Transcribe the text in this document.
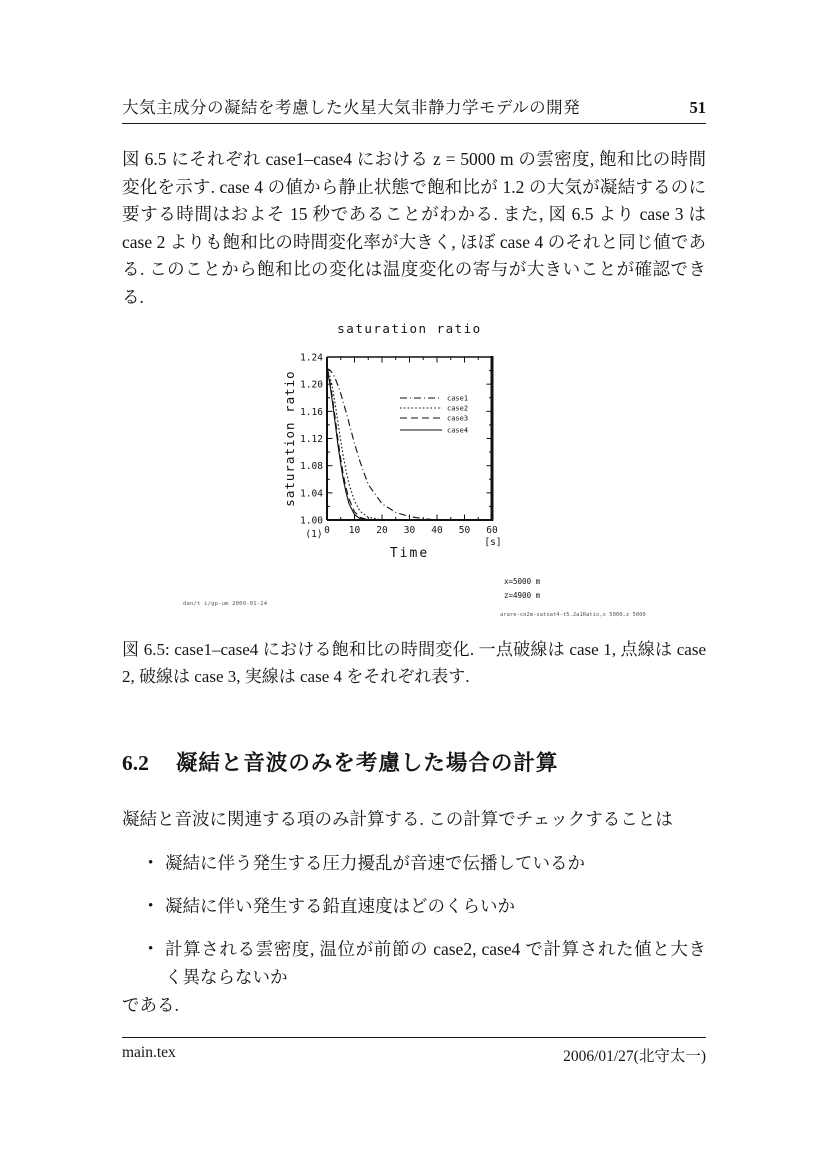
大気主成分の凝結を考慮した火星大気非静力学モデルの開発	51
図 6.5 にそれぞれ case1–case4 における z = 5000 m の雲密度, 飽和比の時間変化を示す. case 4 の値から静止状態で飽和比が 1.2 の大気が凝結するのに要する時間はおよそ 15 秒であることがわかる. また, 図 6.5 より case 3 は case 2 よりも飽和比の時間変化率が大きく, ほぼ case 4 のそれと同じ値である. このことから飽和比の変化は温度変化の寄与が大きいことが確認できる.
saturation ratio
saturation ratio
Time
(1)
[s]
1.00
1.04
1.08
1.12
1.16
1.20
1.24
0 10 20 30 40 50 60
case1
case2
case3
case4
x=5000 m
z=4900 m
arare-co2m-satsat4-t5.2a1Ratio,x 5000,z 5000
dan/t i/gp-um 2000-01-24
図 6.5: case1–case4 における飽和比の時間変化. 一点破線は case 1, 点線は case 2, 破線は case 3, 実線は case 4 をそれぞれ表す.
6.2 凝結と音波のみを考慮した場合の計算
凝結と音波に関連する項のみ計算する. この計算でチェックすることは
• 凝結に伴う発生する圧力擾乱が音速で伝播しているか
• 凝結に伴い発生する鉛直速度はどのくらいか
• 計算される雲密度, 温位が前節の case2, case4 で計算された値と大きく異ならないか
である.
main.tex	2006/01/27(北守太一)
